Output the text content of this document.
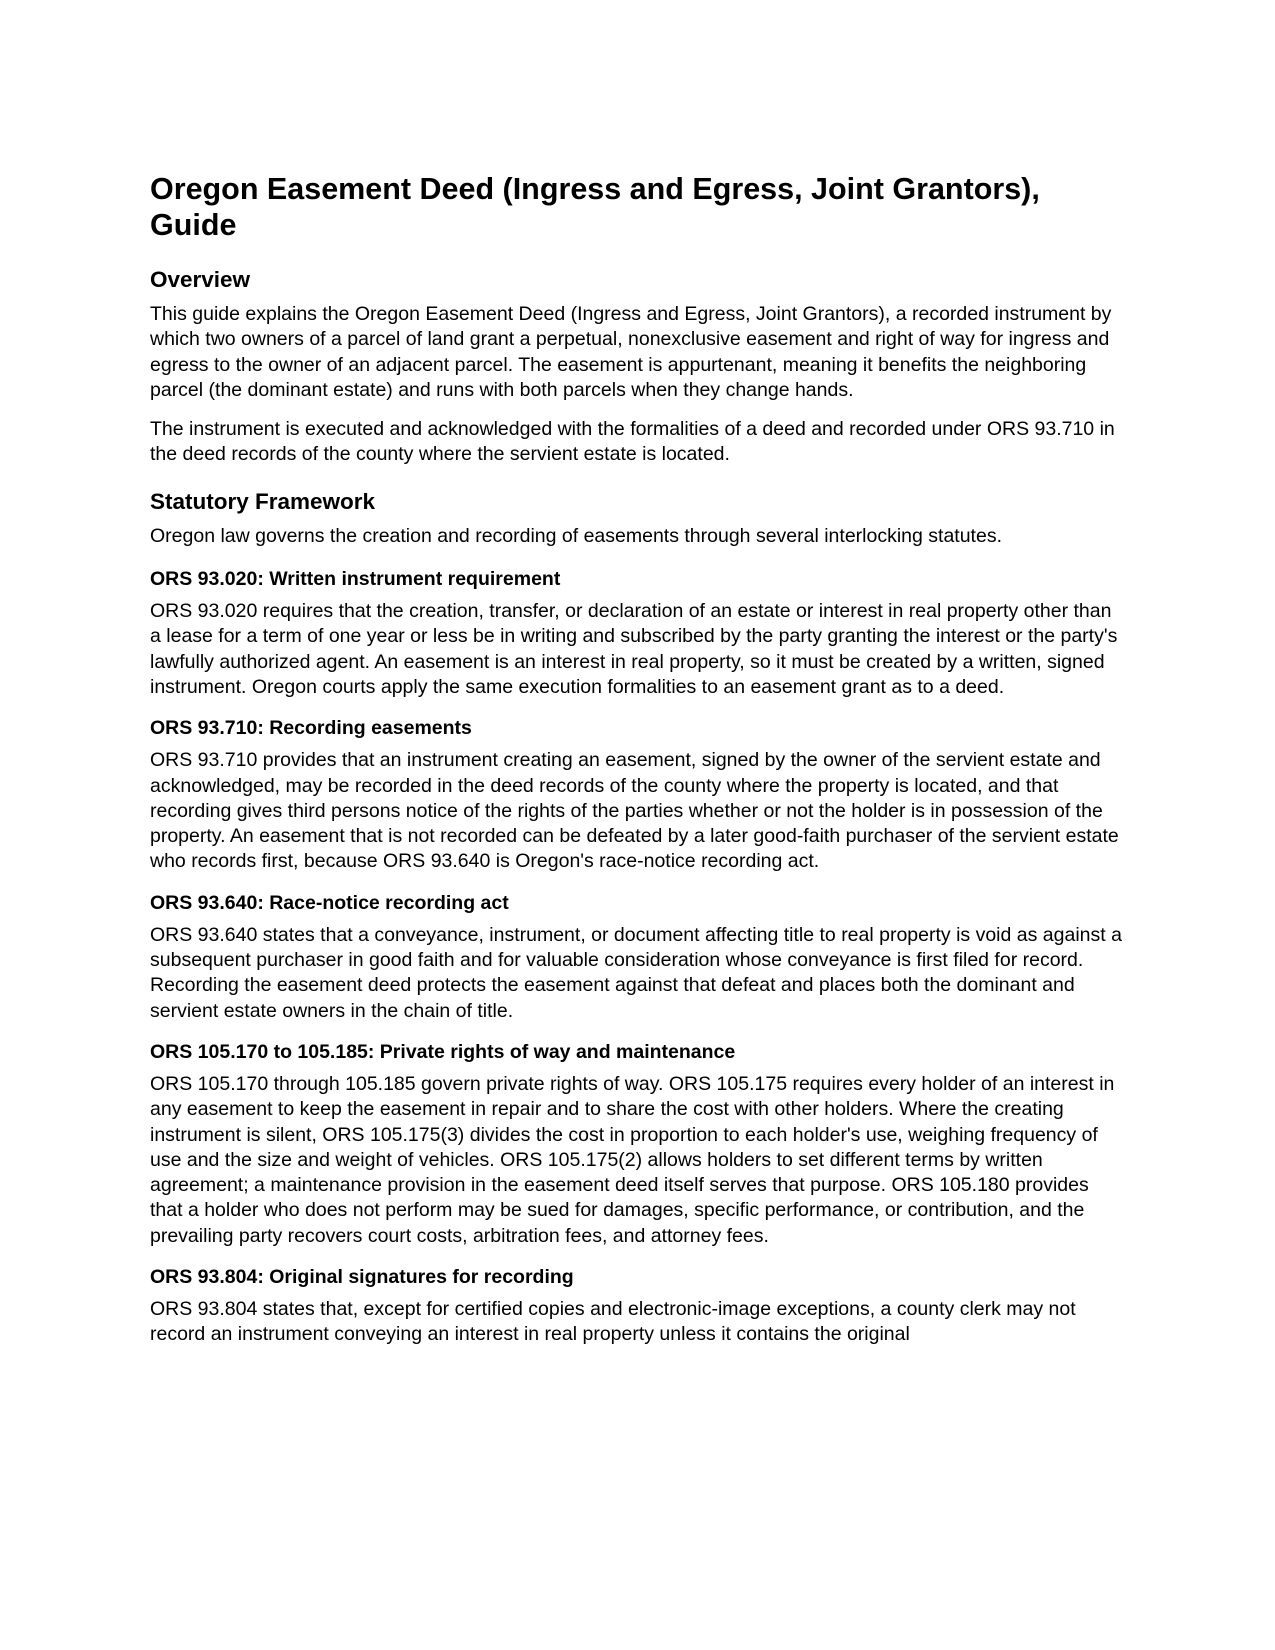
Oregon Easement Deed (Ingress and Egress, Joint Grantors), Guide
Overview

This guide explains the Oregon Easement Deed (Ingress and Egress, Joint Grantors), a recorded instrument by which two owners of a parcel of land grant a perpetual, nonexclusive easement and right of way for ingress and egress to the owner of an adjacent parcel. The easement is appurtenant, meaning it benefits the neighboring parcel (the dominant estate) and runs with both parcels when they change hands.

The instrument is executed and acknowledged with the formalities of a deed and recorded under ORS 93.710 in the deed records of the county where the servient estate is located.

Statutory Framework

Oregon law governs the creation and recording of easements through several interlocking statutes.

ORS 93.020: Written instrument requirement

ORS 93.020 requires that the creation, transfer, or declaration of an estate or interest in real property other than a lease for a term of one year or less be in writing and subscribed by the party granting the interest or the party's lawfully authorized agent. An easement is an interest in real property, so it must be created by a written, signed instrument. Oregon courts apply the same execution formalities to an easement grant as to a deed.

ORS 93.710: Recording easements

ORS 93.710 provides that an instrument creating an easement, signed by the owner of the servient estate and acknowledged, may be recorded in the deed records of the county where the property is located, and that recording gives third persons notice of the rights of the parties whether or not the holder is in possession of the property. An easement that is not recorded can be defeated by a later good-faith purchaser of the servient estate who records first, because ORS 93.640 is Oregon's race-notice recording act.

ORS 93.640: Race-notice recording act

ORS 93.640 states that a conveyance, instrument, or document affecting title to real property is void as against a subsequent purchaser in good faith and for valuable consideration whose conveyance is first filed for record. Recording the easement deed protects the easement against that defeat and places both the dominant and servient estate owners in the chain of title.

ORS 105.170 to 105.185: Private rights of way and maintenance

ORS 105.170 through 105.185 govern private rights of way. ORS 105.175 requires every holder of an interest in any easement to keep the easement in repair and to share the cost with other holders. Where the creating instrument is silent, ORS 105.175(3) divides the cost in proportion to each holder's use, weighing frequency of use and the size and weight of vehicles. ORS 105.175(2) allows holders to set different terms by written agreement; a maintenance provision in the easement deed itself serves that purpose. ORS 105.180 provides that a holder who does not perform may be sued for damages, specific performance, or contribution, and the prevailing party recovers court costs, arbitration fees, and attorney fees.

ORS 93.804: Original signatures for recording

ORS 93.804 states that, except for certified copies and electronic-image exceptions, a county clerk may not record an instrument conveying an interest in real property unless it contains the original
